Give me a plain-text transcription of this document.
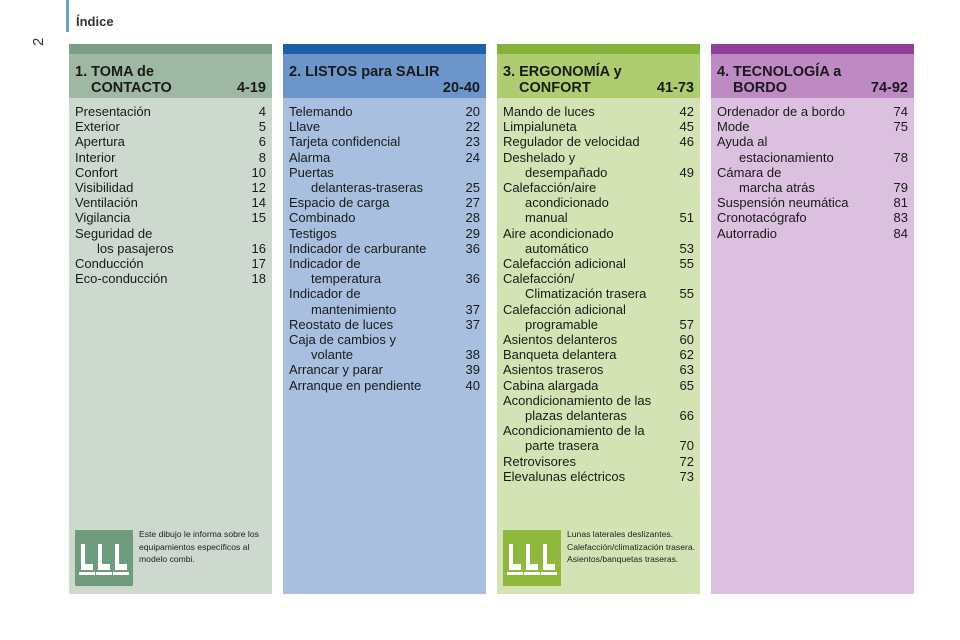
Índice
2
1. TOMA de
CONTACTO	4-19
Presentación	4
Exterior	5
Apertura	6
Interior	8
Confort	10
Visibilidad	12
Ventilación	14
Vigilancia	15
Seguridad de
los pasajeros	16
Conducción	17
Eco-conducción	18
Este dibujo le informa sobre los equipamientos específicos al modelo combi.
2. LISTOS para SALIR
20-40
Telemando	20
Llave	22
Tarjeta confidencial	23
Alarma	24
Puertas
delanteras-traseras	25
Espacio de carga	27
Combinado	28
Testigos	29
Indicador de carburante	36
Indicador de
temperatura	36
Indicador de
mantenimiento	37
Reostato de luces	37
Caja de cambios y
volante	38
Arrancar y parar	39
Arranque en pendiente	40
3. ERGONOMÍA y
CONFORT	41-73
Mando de luces	42
Limpialuneta	45
Regulador de velocidad	46
Deshelado y
desempañado	49
Calefacción/aire
acondicionado
manual	51
Aire acondicionado
automático	53
Calefacción adicional	55
Calefacción/
Climatización trasera	55
Calefacción adicional
programable	57
Asientos delanteros	60
Banqueta delantera	62
Asientos traseros	63
Cabina alargada	65
Acondicionamiento de las
plazas delanteras	66
Acondicionamiento de la
parte trasera	70
Retrovisores	72
Elevalunas eléctricos	73
Lunas laterales deslizantes. Calefacción/climatización trasera. Asientos/banquetas traseras.
4. TECNOLOGÍA a
BORDO	74-92
Ordenador de a bordo	74
Mode	75
Ayuda al
estacionamiento	78
Cámara de
marcha atrás	79
Suspensión neumática	81
Cronotacógrafo	83
Autorradio	84
